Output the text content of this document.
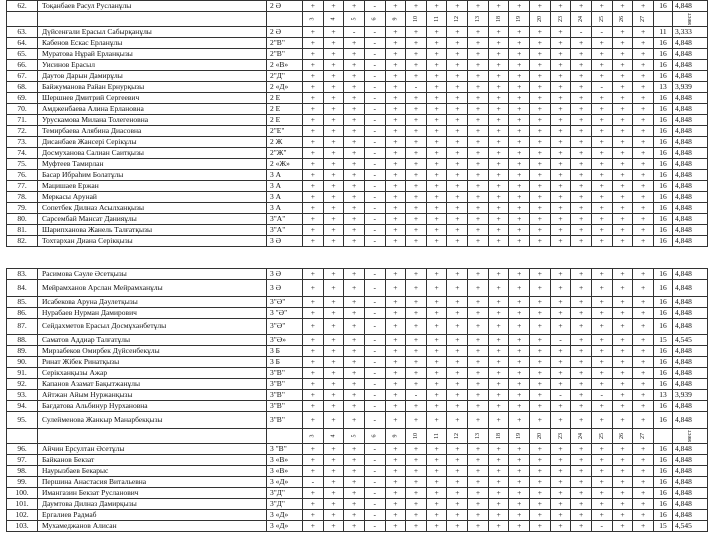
62.	Тоқанбаев Расул Русланұлы	2 Ә	+	+	+	-	+	+	+	+	+	+	+	+	+	+	+	+	+	16	4,848
			3	4	5	6	9	10	11	12	13	18	19	20	23	24	25	26	27		мест
63.	Дүйсенғали Ерасыл Сабырқанұлы	2 Ә	+	+	-	-	+	+	+	+	+	+	+	+	+	-	-	+	+	11	3,333
64.	Кабенов Ескас Ерланұлы	2"В"	+	+	+	-	+	+	+	+	+	+	+	+	+	+	+	+	+	16	4,848
65.	Муратова Нұрай Ерланқызы	2"В"	+	+	+	-	+	+	+	+	+	+	+	+	+	+	+	+	+	16	4,848
66.	Уисинов Ерасыл	2 «В»	+	+	+	-	+	+	+	+	+	+	+	+	+	+	+	+	+	16	4,848
67.	Даутов Дарын Дамирұлы	2"Д"	+	+	+	-	+	+	+	+	+	+	+	+	+	+	+	+	+	16	4,848
68.	Байжуманова Райан Ернурқызы	2 «Д»	+	+	+	-	+	-	+	+	+	+	+	+	+	+	-	+	+	13	3,939
69.	Шершнев Дмитрий Сергеевич	2 Е	+	+	+	-	+	+	+	+	+	+	+	+	+	+	+	+	+	16	4,848
70.	Амдженбаева Алина Ерлановна	2 Е	+	+	+	-	+	+	+	+	+	+	+	+	+	+	+	+	+	16	4,848
71.	Урускамова Милана Толегеновна	2 Е	+	+	+	-	+	+	+	+	+	+	+	+	+	+	+	+	+	16	4,848
72.	Темирбаева Алябина Диасовна	2"Е"	+	+	+	-	+	+	+	+	+	+	+	+	+	+	+	+	+	16	4,848
73.	Дисанбаев Жансері Серікұлы	2 Ж	+	+	+	-	+	+	+	+	+	+	+	+	+	+	+	+	+	16	4,848
74.	Досмуханова Салиан Саитқызы	2"Ж"	+	+	+	-	+	+	+	+	+	+	+	+	+	+	+	+	+	16	4,848
75.	Муфтеев Тамирлан	2 «Ж»	+	+	+	-	+	+	+	+	+	+	+	+	+	+	+	+	+	16	4,848
76.	Басар Ибраһим Болатұлы	3 А	+	+	+	-	+	+	+	+	+	+	+	+	+	+	+	+	+	16	4,848
77.	Мацишаев Ержан	3 А	+	+	+	-	+	+	+	+	+	+	+	+	+	+	+	+	+	16	4,848
78.	Меркасы Арунай	3 А	+	+	+	-	+	+	+	+	+	+	+	+	+	+	+	+	+	16	4,848
79.	Сопетбек Дилназ Асылханқызы	3 А	+	+	+	-	+	+	+	+	+	+	+	+	+	+	+	+	+	16	4,848
80.	Сарсембай Мансат Данияұлы	3"А"	+	+	+	-	+	+	+	+	+	+	+	+	+	+	+	+	+	16	4,848
81.	Шарипханова Жанель Талғатқызы	3"А"	+	+	+	-	+	+	+	+	+	+	+	+	+	+	+	+	+	16	4,848
82.	Тохтархан Диана Серікқызы	3 Ә	+	+	+	-	+	+	+	+	+	+	+	+	+	+	+	+	+	16	4,848
83.	Расимова Сәуле Әсетқызы	3 Ә	+	+	+	-	+	+	+	+	+	+	+	+	+	+	+	+	+	16	4,848
84.	Мейрамханов Арслан Мейрамханұлы	3 Ә	+	+	+	-	+	+	+	+	+	+	+	+	+	+	+	+	+	16	4,848
85.	Исабекова Аруна Дәулетқызы	3"Ә"	+	+	+	-	+	+	+	+	+	+	+	+	+	+	+	+	+	16	4,848
86.	Нурабаев Нурман Дамирович	3 "Ә"	+	+	+	-	+	+	+	+	+	+	+	+	+	+	+	+	+	16	4,848
87.	Сейдахметов Ерасыл Досмұханбетұлы	3"Ә"	+	+	+	-	+	+	+	+	+	+	+	+	+	+	+	+	+	16	4,848
88.	Саматов Аддиар Талғатұлы	3"Ә»	+	+	+	-	+	+	+	+	+	+	+	+	-	+	+	+	+	15	4,545
89.	Мирзабеков Омирбек Дүйсенбекұлы	3 Б	+	+	+	-	+	+	+	+	+	+	+	+	+	+	+	+	+	16	4,848
90.	Ринат Жібек Ринатқызы	3 Б	+	+	+	-	+	+	+	+	+	+	+	+	+	+	+	+	+	16	4,848
91.	Серікханқызы Ажар	3"В"	+	+	+	-	+	+	+	+	+	+	+	+	+	+	+	+	+	16	4,848
92.	Капанов Азамат Бақытжанұлы	3"В"	+	+	+	-	+	+	+	+	+	+	+	+	+	+	+	+	+	16	4,848
93.	Айтжан Айым Нуржанқызы	3"В"	+	+	+	-	+	-	+	+	+	+	+	+	-	+	-	+	+	13	3,939
94.	Бағдатова Альбинур Нурхановна	3"В"	+	+	+	-	+	+	+	+	+	+	+	+	+	+	+	+	+	16	4,848
95.	Сулейменова Жанкыр Манарбекқызы	3"В"	+	+	+	-	+	+	+	+	+	+	+	+	+	+	+	+	+	16	4,848
			3	4	5	6	9	10	11	12	13	18	19	20	23	24	25	26	27		мест
96.	Айчин Ерсултан Әсетұлы	3 "В"	+	+	+	-	+	+	+	+	+	+	+	+	+	+	+	+	+	16	4,848
97.	Байканов Бекзат	3 «В»	+	+	+	-	+	+	+	+	+	+	+	+	+	+	+	+	+	16	4,848
98.	Наурызбаев Бекарыс	3 «В»	+	+	+	-	+	+	+	+	+	+	+	+	+	+	+	+	+	16	4,848
99.	Першина Анастасия Витальевна	3 «Д»	-	+	+	-	+	+	+	+	+	+	+	+	+	+	+	+	+	16	4,848
100.	Имангазин Бекзат Русланович	3"Д"	+	+	+	-	+	+	+	+	+	+	+	+	+	+	+	+	+	16	4,848
101.	Даумтова Дилназ Дамирқызы	3"Д"	+	+	+	-	+	+	+	+	+	+	+	+	+	+	+	+	+	16	4,848
102.	Ергалиев Радмаб	3 «Д»	+	+	+	-	+	+	+	+	+	+	+	+	+	+	+	+	+	16	4,848
103.	Мухамеджанов Алисан	3 «Д»	+	+	+	-	+	+	+	+	+	+	+	+	+	+	-	+	+	15	4,545
